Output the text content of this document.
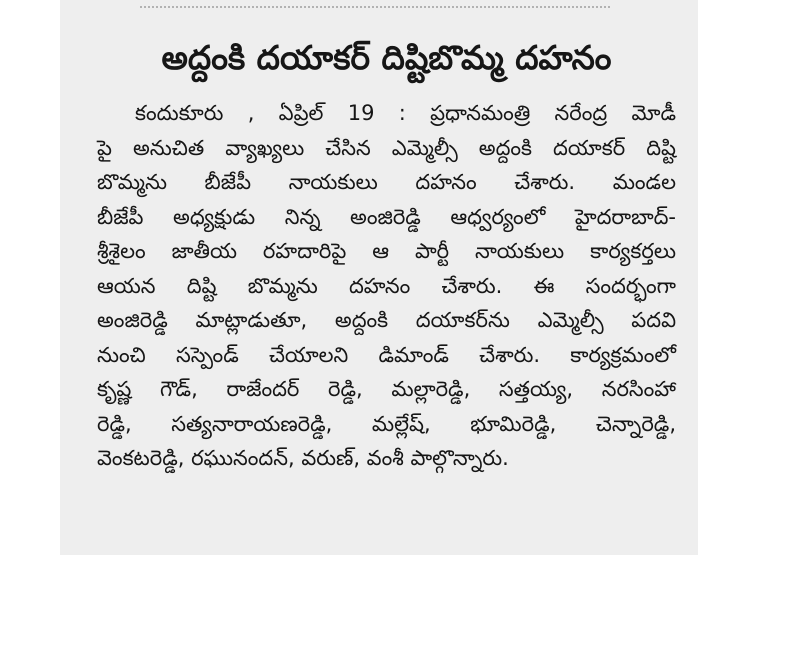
అద్దంకి దయాకర్ దిష్టిబొమ్మ దహనం
కందుకూరు , ఏప్రిల్ 19 : ప్రధానమంత్రి నరేంద్ర మోడీ
పై అనుచిత వ్యాఖ్యలు చేసిన ఎమ్మెల్సీ అద్దంకి దయాకర్ దిష్టి
బొమ్మను బీజేపీ నాయకులు దహనం చేశారు. మండల
బీజేపీ అధ్యక్షుడు నిన్న అంజిరెడ్డి ఆధ్వర్యంలో హైదరాబాద్-
శ్రీశైలం జాతీయ రహదారిపై ఆ పార్టీ నాయకులు కార్యకర్తలు
ఆయన దిష్టి బొమ్మను దహనం చేశారు. ఈ సందర్భంగా
అంజిరెడ్డి మాట్లాడుతూ, అద్దంకి దయాకర్‌ను ఎమ్మెల్సీ పదవి
నుంచి సస్పెండ్ చేయాలని డిమాండ్ చేశారు. కార్యక్రమంలో
కృష్ణ గౌడ్, రాజేందర్ రెడ్డి, మల్లారెడ్డి, సత్తయ్య, నరసింహా
రెడ్డి, సత్యనారాయణరెడ్డి, మల్లేష్, భూమిరెడ్డి, చెన్నారెడ్డి,
వెంకటరెడ్డి, రఘునందన్, వరుణ్, వంశీ పాల్గొన్నారు.
